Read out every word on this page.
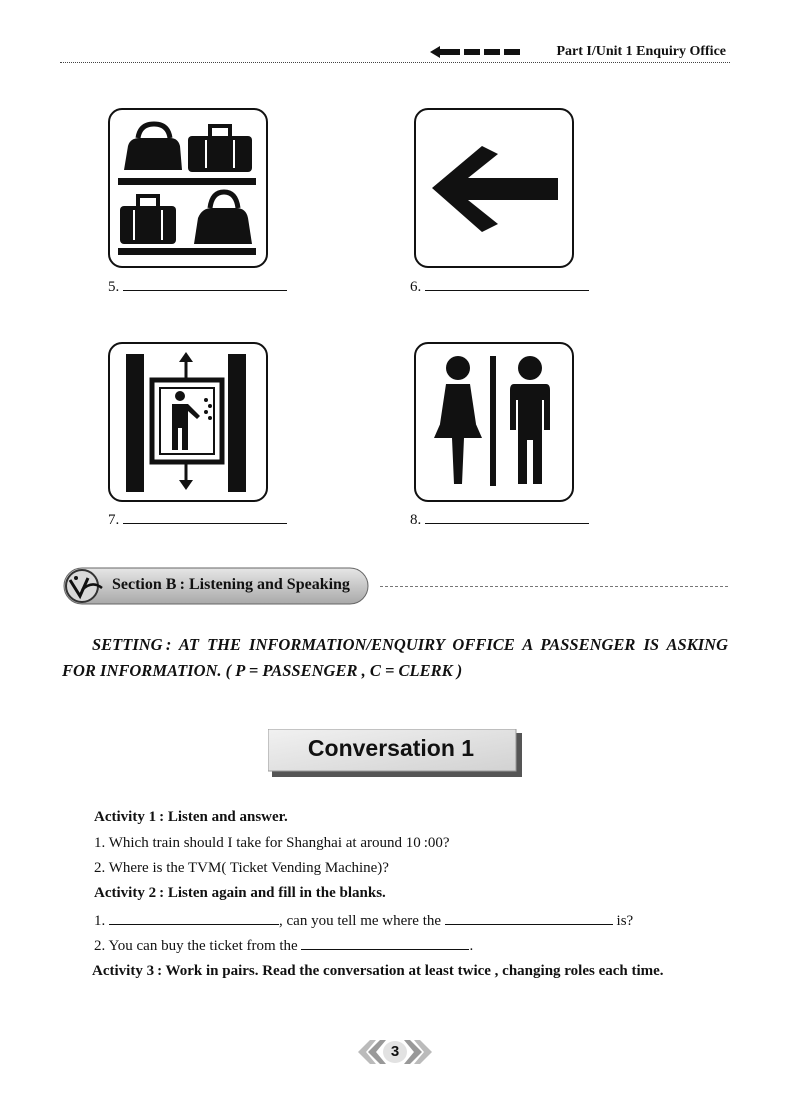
Part I/Unit 1 Enquiry Office
5.	6.
7.	8.
Section B : Listening and Speaking
SETTING : AT THE INFORMATION/ENQUIRY OFFICE A PASSENGER IS ASKING FOR INFORMATION. ( P = PASSENGER , C = CLERK )
Conversation 1
Activity 1 : Listen and answer.
1. Which train should I take for Shanghai at around 10 :00?
2. Where is the TVM( Ticket Vending Machine)?
Activity 2 : Listen again and fill in the blanks.
1.	, can you tell me where the	is?
2. You can buy the ticket from the	.
Activity 3 : Work in pairs. Read the conversation at least twice , changing roles each time.
3
